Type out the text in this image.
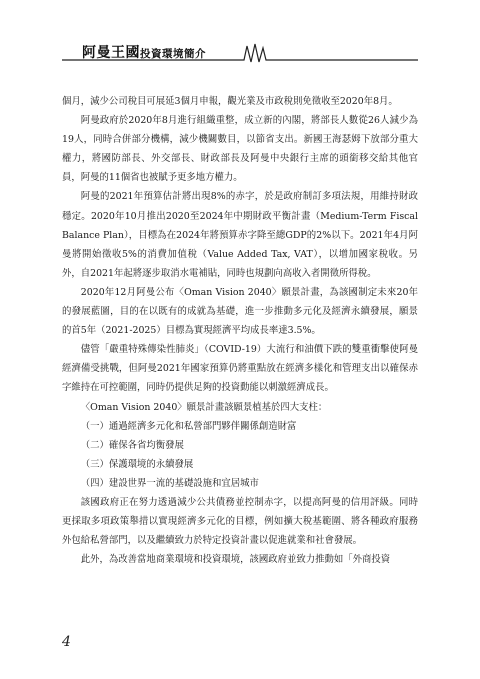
阿曼王國投資環境簡介

個月，減少公司稅目可展延3個月申報，觀光業及市政稅則免徵收至2020年8月。

阿曼政府於2020年8月進行組織重整，成立新的內閣，將部長人數從26人減少為19人，同時合併部分機構，減少機關數目，以節省支出。新國王海瑟姆下放部分重大權力，將國防部長、外交部長、財政部長及阿曼中央銀行主席的頭銜移交給其他官員，阿曼的11個省也被賦予更多地方權力。

阿曼的2021年預算估計將出現8%的赤字，於是政府制訂多項法規，用維持財政穩定。2020年10月推出2020至2024年中期財政平衡計畫（Medium-Term Fiscal Balance Plan），目標為在2024年將預算赤字降至總GDP的2%以下。2021年4月阿曼將開始徵收5%的消費加值稅（Value Added Tax, VAT），以增加國家稅收。另外，自2021年起將逐步取消水電補貼，同時也規劃向高收入者開徵所得稅。

2020年12月阿曼公布〈Oman Vision 2040〉願景計畫，為該國制定未來20年的發展藍圖，目的在以既有的成就為基礎，進一步推動多元化及經濟永續發展，願景的首5年（2021-2025）目標為實現經濟平均成長率達3.5%。

儘管「嚴重特殊傳染性肺炎」（COVID-19）大流行和油價下跌的雙重衝擊使阿曼經濟備受挑戰，但阿曼2021年國家預算仍將重點放在經濟多樣化和管理支出以確保赤字維持在可控範圍，同時仍提供足夠的投資動能以刺激經濟成長。

〈Oman Vision 2040〉願景計畫該願景植基於四大支柱：

（一）通過經濟多元化和私營部門夥伴關係創造財富

（二）確保各省均衡發展

（三）保護環境的永續發展

（四）建設世界一流的基礎設施和宜居城市

該國政府正在努力透過減少公共債務並控制赤字，以提高阿曼的信用評級。同時更採取多項政策舉措以實現經濟多元化的目標，例如擴大稅基範圍、將各種政府服務外包給私營部門，以及繼續致力於特定投資計畫以促進就業和社會發展。

此外，為改善當地商業環境和投資環境，該國政府並致力推動如「外商投資

4
